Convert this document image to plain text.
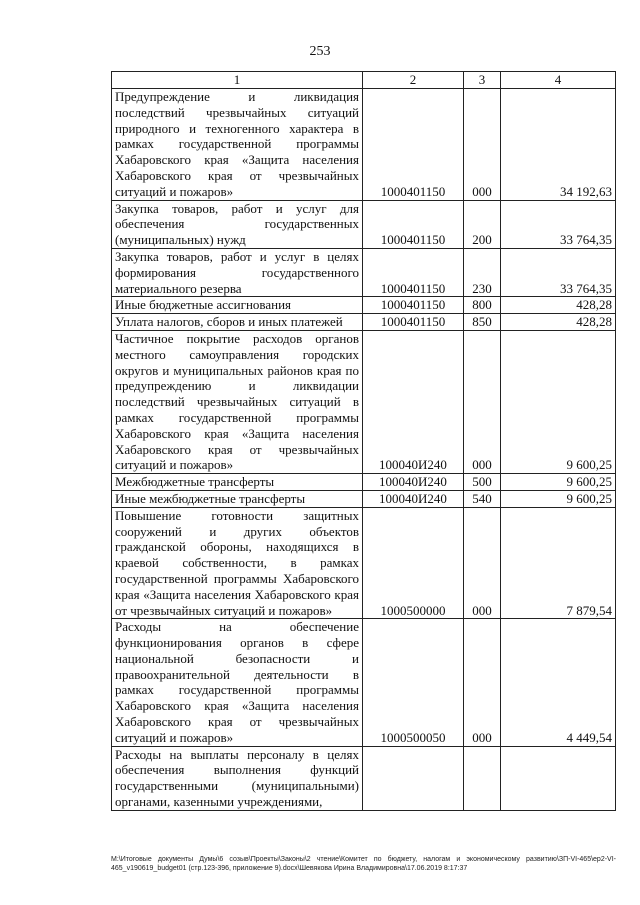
253
1	2	3	4
Предупреждение и ликвидация последствий чрезвычайных ситуаций природного и техногенного характера в рамках государственной программы Хабаровского края «Защита населения Хабаровского края от чрезвычайных ситуаций и пожаров»	1000401150	000	34 192,63
Закупка товаров, работ и услуг для обеспечения государственных (муниципальных) нужд	1000401150	200	33 764,35
Закупка товаров, работ и услуг в целях формирования государственного материального резерва	1000401150	230	33 764,35
Иные бюджетные ассигнования	1000401150	800	428,28
Уплата налогов, сборов и иных платежей	1000401150	850	428,28
Частичное покрытие расходов органов местного самоуправления городских округов и муниципальных районов края по предупреждению и ликвидации последствий чрезвычайных ситуаций в рамках государственной программы Хабаровского края «Защита населения Хабаровского края от чрезвычайных ситуаций и пожаров»	100040И240	000	9 600,25
Межбюджетные трансферты	100040И240	500	9 600,25
Иные межбюджетные трансферты	100040И240	540	9 600,25
Повышение готовности защитных сооружений и других объектов гражданской обороны, находящихся в краевой собственности, в рамках государственной программы Хабаровского края «Защита населения Хабаровского края от чрезвычайных ситуаций и пожаров»	1000500000	000	7 879,54
Расходы на обеспечение функционирования органов в сфере национальной безопасности и правоохранительной деятельности в рамках государственной программы Хабаровского края «Защита населения Хабаровского края от чрезвычайных ситуаций и пожаров»	1000500050	000	4 449,54
Расходы на выплаты персоналу в целях обеспечения выполнения функций государственными (муниципальными) органами, казенными учреждениями,			
М:\Итоговые документы Думы\6 созыв\Проекты\Законы\2 чтение\Комитет по бюджету, налогам и экономическому развитию\ЗП-VI-465\ер2-VI-465_v190619_budget01 (стр.123-396, приложение 9).docx\Шевякова Ирина Владимировна\17.06.2019 8:17:37
